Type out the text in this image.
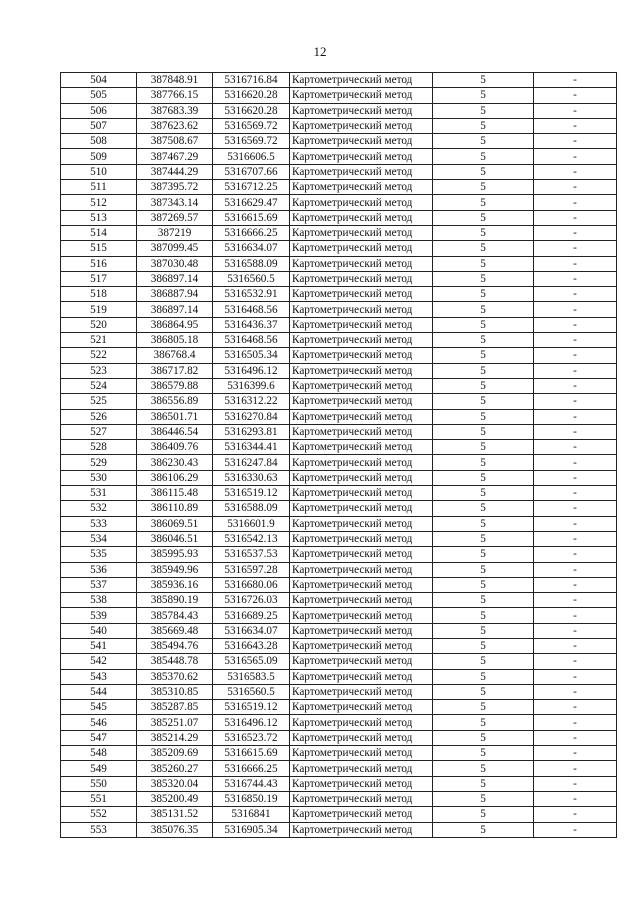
12
504	387848.91	5316716.84	Картометрический метод	5	-
505	387766.15	5316620.28	Картометрический метод	5	-
506	387683.39	5316620.28	Картометрический метод	5	-
507	387623.62	5316569.72	Картометрический метод	5	-
508	387508.67	5316569.72	Картометрический метод	5	-
509	387467.29	5316606.5	Картометрический метод	5	-
510	387444.29	5316707.66	Картометрический метод	5	-
511	387395.72	5316712.25	Картометрический метод	5	-
512	387343.14	5316629.47	Картометрический метод	5	-
513	387269.57	5316615.69	Картометрический метод	5	-
514	387219	5316666.25	Картометрический метод	5	-
515	387099.45	5316634.07	Картометрический метод	5	-
516	387030.48	5316588.09	Картометрический метод	5	-
517	386897.14	5316560.5	Картометрический метод	5	-
518	386887.94	5316532.91	Картометрический метод	5	-
519	386897.14	5316468.56	Картометрический метод	5	-
520	386864.95	5316436.37	Картометрический метод	5	-
521	386805.18	5316468.56	Картометрический метод	5	-
522	386768.4	5316505.34	Картометрический метод	5	-
523	386717.82	5316496.12	Картометрический метод	5	-
524	386579.88	5316399.6	Картометрический метод	5	-
525	386556.89	5316312.22	Картометрический метод	5	-
526	386501.71	5316270.84	Картометрический метод	5	-
527	386446.54	5316293.81	Картометрический метод	5	-
528	386409.76	5316344.41	Картометрический метод	5	-
529	386230.43	5316247.84	Картометрический метод	5	-
530	386106.29	5316330.63	Картометрический метод	5	-
531	386115.48	5316519.12	Картометрический метод	5	-
532	386110.89	5316588.09	Картометрический метод	5	-
533	386069.51	5316601.9	Картометрический метод	5	-
534	386046.51	5316542.13	Картометрический метод	5	-
535	385995.93	5316537.53	Картометрический метод	5	-
536	385949.96	5316597.28	Картометрический метод	5	-
537	385936.16	5316680.06	Картометрический метод	5	-
538	385890.19	5316726.03	Картометрический метод	5	-
539	385784.43	5316689.25	Картометрический метод	5	-
540	385669.48	5316634.07	Картометрический метод	5	-
541	385494.76	5316643.28	Картометрический метод	5	-
542	385448.78	5316565.09	Картометрический метод	5	-
543	385370.62	5316583.5	Картометрический метод	5	-
544	385310.85	5316560.5	Картометрический метод	5	-
545	385287.85	5316519.12	Картометрический метод	5	-
546	385251.07	5316496.12	Картометрический метод	5	-
547	385214.29	5316523.72	Картометрический метод	5	-
548	385209.69	5316615.69	Картометрический метод	5	-
549	385260.27	5316666.25	Картометрический метод	5	-
550	385320.04	5316744.43	Картометрический метод	5	-
551	385200.49	5316850.19	Картометрический метод	5	-
552	385131.52	5316841	Картометрический метод	5	-
553	385076.35	5316905.34	Картометрический метод	5	-
